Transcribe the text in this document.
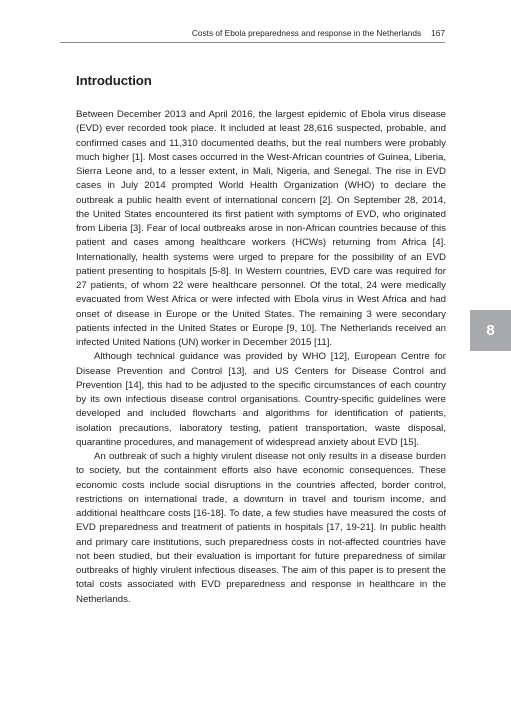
Costs of Ebola preparedness and response in the Netherlands 167
Introduction

Between December 2013 and April 2016, the largest epidemic of Ebola virus disease (EVD) ever recorded took place. It included at least 28,616 suspected, probable, and confirmed cases and 11,310 documented deaths, but the real numbers were probably much higher [1]. Most cases occurred in the West-African countries of Guinea, Liberia, Sierra Leone and, to a lesser extent, in Mali, Nigeria, and Senegal. The rise in EVD cases in July 2014 prompted World Health Organization (WHO) to declare the outbreak a public health event of international concern [2]. On September 28, 2014, the United States encountered its first patient with symptoms of EVD, who originated from Liberia [3]. Fear of local outbreaks arose in non-African countries because of this patient and cases among healthcare workers (HCWs) returning from Africa [4]. Internationally, health systems were urged to prepare for the possibility of an EVD patient presenting to hospitals [5-8]. In Western countries, EVD care was required for 27 patients, of whom 22 were healthcare personnel. Of the total, 24 were medically evacuated from West Africa or were infected with Ebola virus in West Africa and had onset of disease in Europe or the United States. The remaining 3 were secondary patients infected in the United States or Europe [9, 10]. The Netherlands received an infected United Nations (UN) worker in December 2015 [11].

Although technical guidance was provided by WHO [12], European Centre for Disease Prevention and Control [13], and US Centers for Disease Control and Prevention [14], this had to be adjusted to the specific circumstances of each country by its own infectious disease control organisations. Country-specific guidelines were developed and included flowcharts and algorithms for identification of patients, isolation precautions, laboratory testing, patient transportation, waste disposal, quarantine procedures, and management of widespread anxiety about EVD [15].

An outbreak of such a highly virulent disease not only results in a disease burden to society, but the containment efforts also have economic consequences. These economic costs include social disruptions in the countries affected, border control, restrictions on international trade, a downturn in travel and tourism income, and additional healthcare costs [16-18]. To date, a few studies have measured the costs of EVD preparedness and treatment of patients in hospitals [17, 19-21]. In public health and primary care institutions, such preparedness costs in not-affected countries have not been studied, but their evaluation is important for future preparedness of similar outbreaks of highly virulent infectious diseases. The aim of this paper is to present the total costs associated with EVD preparedness and response in healthcare in the Netherlands.

8
